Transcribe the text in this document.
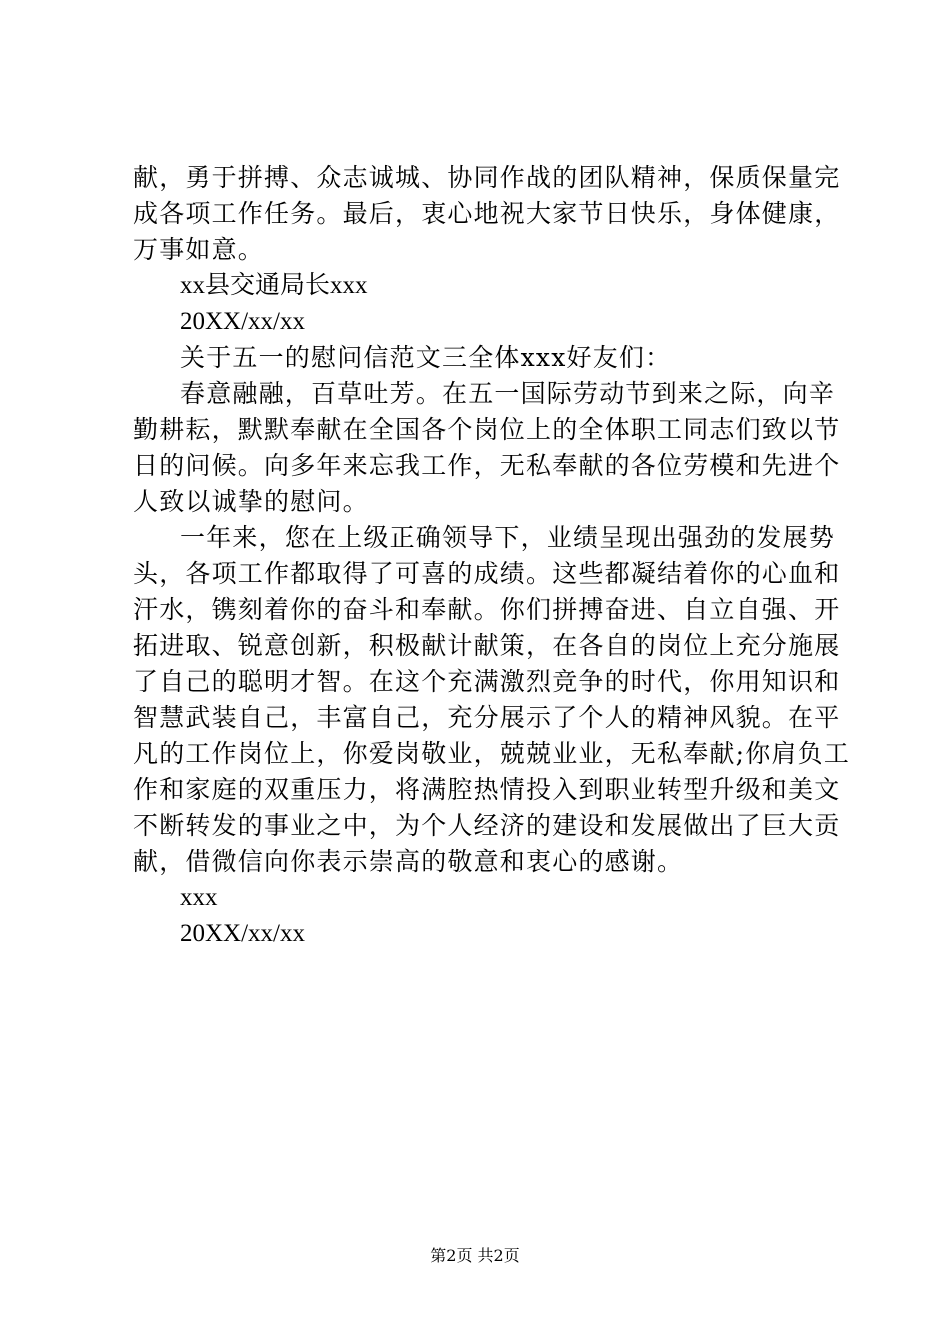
献，勇于拼搏、众志诚城、协同作战的团队精神，保质保量完
成各项工作任务。最后，衷心地祝大家节日快乐，身体健康，
万事如意。
xx县交通局长xxx
20XX/xx/xx
关于五一的慰问信范文三全体xxx好友们：
春意融融，百草吐芳。在五一国际劳动节到来之际，向辛
勤耕耘，默默奉献在全国各个岗位上的全体职工同志们致以节
日的问候。向多年来忘我工作，无私奉献的各位劳模和先进个
人致以诚挚的慰问。
一年来，您在上级正确领导下，业绩呈现出强劲的发展势
头，各项工作都取得了可喜的成绩。这些都凝结着你的心血和
汗水，镌刻着你的奋斗和奉献。你们拼搏奋进、自立自强、开
拓进取、锐意创新，积极献计献策，在各自的岗位上充分施展
了自己的聪明才智。在这个充满激烈竞争的时代，你用知识和
智慧武装自己，丰富自己，充分展示了个人的精神风貌。在平
凡的工作岗位上，你爱岗敬业，兢兢业业，无私奉献;你肩负工
作和家庭的双重压力，将满腔热情投入到职业转型升级和美文
不断转发的事业之中，为个人经济的建设和发展做出了巨大贡
献，借微信向你表示崇高的敬意和衷心的感谢。
xxx
20XX/xx/xx
第2页 共2页
